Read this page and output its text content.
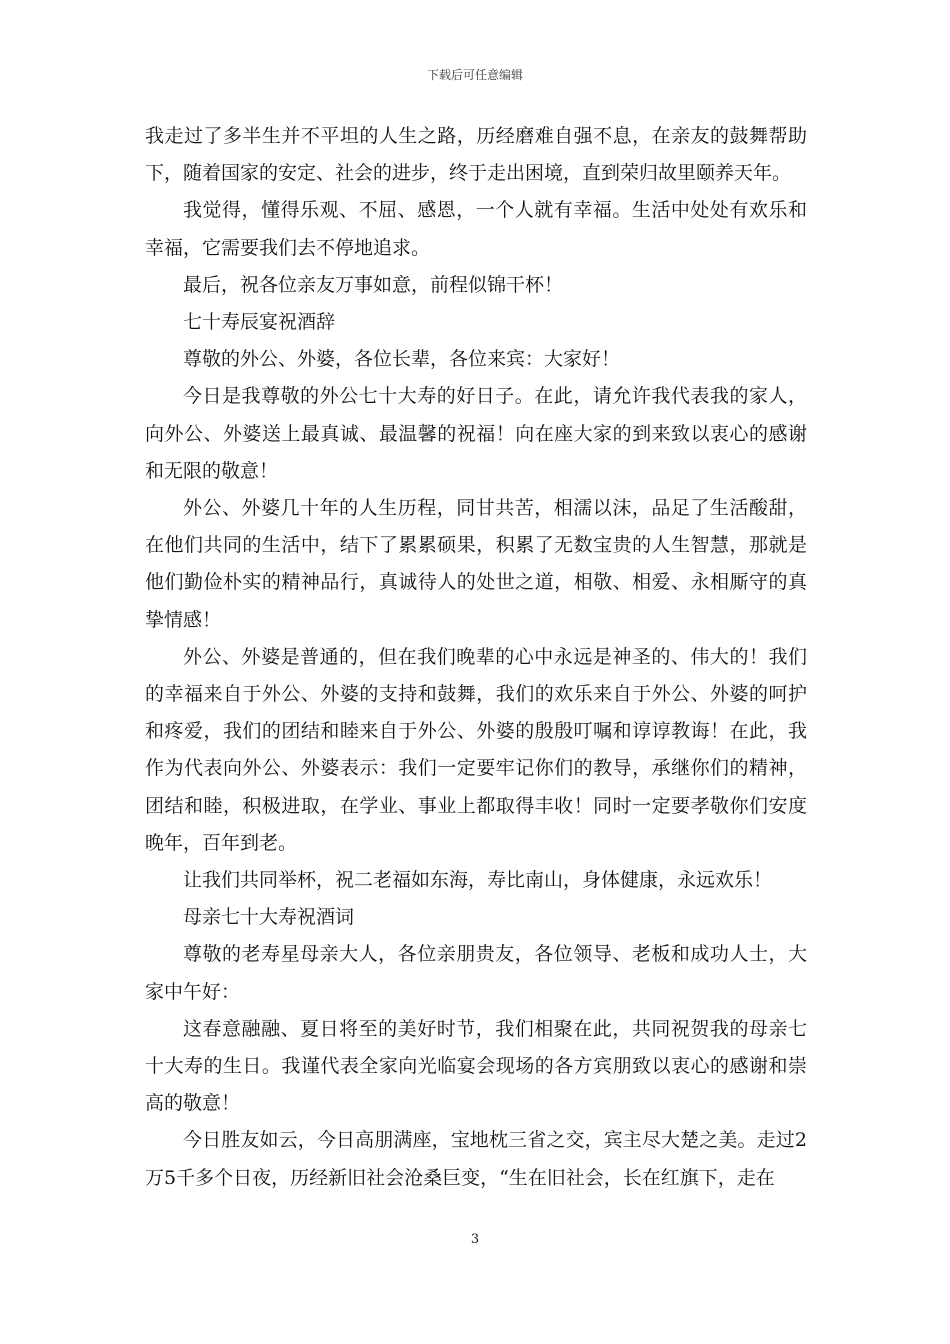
下载后可任意编辑

我走过了多半生并不平坦的人生之路，历经磨难自强不息，在亲友的鼓舞帮助下，随着国家的安定、社会的进步，终于走出困境，直到荣归故里颐养天年。

我觉得，懂得乐观、不屈、感恩，一个人就有幸福。生活中处处有欢乐和幸福，它需要我们去不停地追求。

最后，祝各位亲友万事如意，前程似锦干杯！

七十寿辰宴祝酒辞

尊敬的外公、外婆，各位长辈，各位来宾：大家好！

今日是我尊敬的外公七十大寿的好日子。在此，请允许我代表我的家人，向外公、外婆送上最真诚、最温馨的祝福！向在座大家的到来致以衷心的感谢和无限的敬意！

外公、外婆几十年的人生历程，同甘共苦，相濡以沫，品足了生活酸甜，在他们共同的生活中，结下了累累硕果，积累了无数宝贵的人生智慧，那就是他们勤俭朴实的精神品行，真诚待人的处世之道，相敬、相爱、永相厮守的真挚情感！

外公、外婆是普通的，但在我们晚辈的心中永远是神圣的、伟大的！我们的幸福来自于外公、外婆的支持和鼓舞，我们的欢乐来自于外公、外婆的呵护和疼爱，我们的团结和睦来自于外公、外婆的殷殷叮嘱和谆谆教诲！在此，我作为代表向外公、外婆表示：我们一定要牢记你们的教导，承继你们的精神，团结和睦，积极进取，在学业、事业上都取得丰收！同时一定要孝敬你们安度晚年，百年到老。

让我们共同举杯，祝二老福如东海，寿比南山，身体健康，永远欢乐！

母亲七十大寿祝酒词

尊敬的老寿星母亲大人，各位亲朋贵友，各位领导、老板和成功人士，大家中午好：

这春意融融、夏日将至的美好时节，我们相聚在此，共同祝贺我的母亲七十大寿的生日。我谨代表全家向光临宴会现场的各方宾朋致以衷心的感谢和崇高的敬意！

今日胜友如云，今日高朋满座，宝地枕三省之交，宾主尽大楚之美。走过2万5千多个日夜，历经新旧社会沧桑巨变，“生在旧社会，长在红旗下，走在

3
